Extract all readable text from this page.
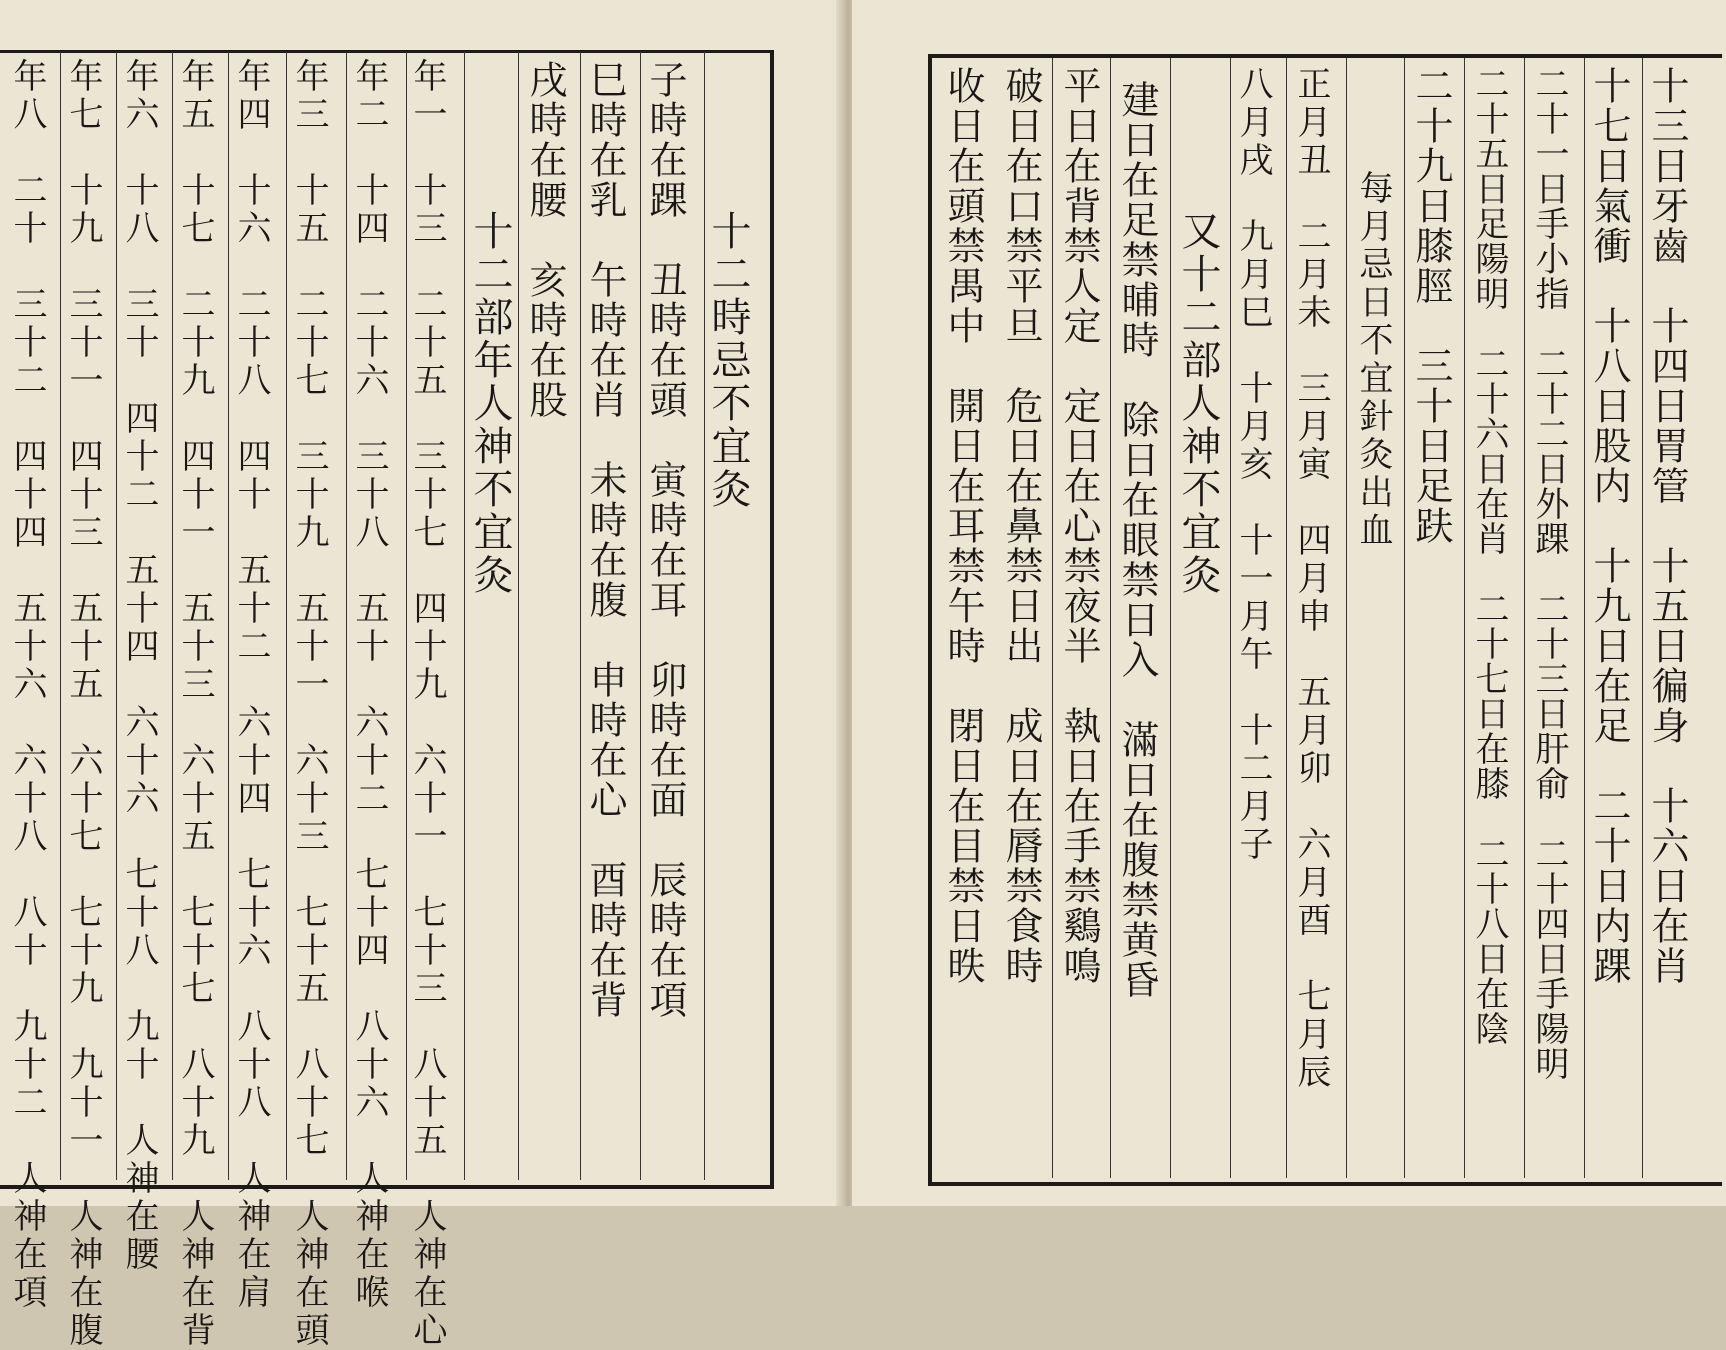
十二時忌不宜灸
子時在踝　丑時在頭　寅時在耳　卯時在面　辰時在項
巳時在乳　午時在肖　未時在腹　申時在心　酉時在背
戌時在腰　亥時在股
十二部年人神不宜灸
年一　十三　二十五　三十七　四十九　六十一　七十三　八十五　人神在心
年二　十四　二十六　三十八　五十　六十二　七十四　八十六　人神在喉
年三　十五　二十七　三十九　五十一　六十三　七十五　八十七　人神在頭
年四　十六　二十八　四十　五十二　六十四　七十六　八十八　人神在肩
年五　十七　二十九　四十一　五十三　六十五　七十七　八十九　人神在背
年六　十八　三十　四十二　五十四　六十六　七十八　九十　人神在腰
年七　十九　三十一　四十三　五十五　六十七　七十九　九十一　人神在腹
年八　二十　三十二　四十四　五十六　六十八　八十　九十二　人神在項	十三日牙齒　十四日胃管　十五日徧身　十六日在肖
十七日氣衝　十八日股内　十九日在足　二十日内踝
二十一日手小指　二十二日外踝　二十三日肝俞　二十四日手陽明
二十五日足陽明　二十六日在肖　二十七日在膝　二十八日在陰
二十九日膝脛　三十日足趺
每月忌日不宜針灸出血
正月丑　二月未　三月寅　四月申　五月卯　六月酉　七月辰
八月戌　九月巳　十月亥　十一月午　十二月子
又十二部人神不宜灸
建日在足禁晡時　除日在眼禁日入　滿日在腹禁黄昏
平日在背禁人定　定日在心禁夜半　執日在手禁鷄鳴
破日在口禁平旦　危日在鼻禁日出　成日在脣禁食時
收日在頭禁禺中　開日在耳禁午時　閉日在目禁日昳
